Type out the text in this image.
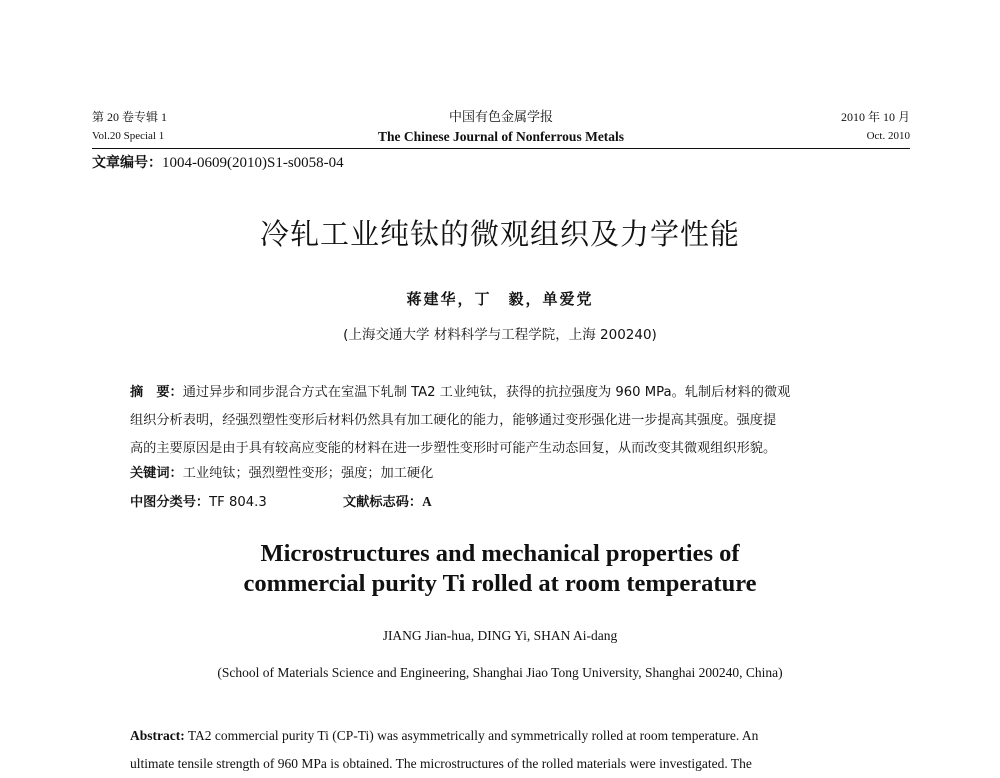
第 20 卷专辑 1
Vol.20 Special 1
中国有色金属学报
The Chinese Journal of Nonferrous Metals
2010 年 10 月
Oct. 2010
文章编号：1004-0609(2010)S1-s0058-04
冷轧工业纯钛的微观组织及力学性能
蒋建华，丁　毅，单爱党
(上海交通大学 材料科学与工程学院，上海 200240)
摘　要：通过异步和同步混合方式在室温下轧制 TA2 工业纯钛，获得的抗拉强度为 960 MPa。轧制后材料的微观
组织分析表明，经强烈塑性变形后材料仍然具有加工硬化的能力，能够通过变形强化进一步提高其强度。强度提
高的主要原因是由于具有较高应变能的材料在进一步塑性变形时可能产生动态回复，从而改变其微观组织形貌。
关键词：工业纯钛；强烈塑性变形；强度；加工硬化
中图分类号：TF 804.3	文献标志码：A
Microstructures and mechanical properties of
commercial purity Ti rolled at room temperature
JIANG Jian-hua, DING Yi, SHAN Ai-dang
(School of Materials Science and Engineering, Shanghai Jiao Tong University, Shanghai 200240, China)
Abstract: TA2 commercial purity Ti (CP-Ti) was asymmetrically and symmetrically rolled at room temperature. An
ultimate tensile strength of 960 MPa is obtained. The microstructures of the rolled materials were investigated. The
